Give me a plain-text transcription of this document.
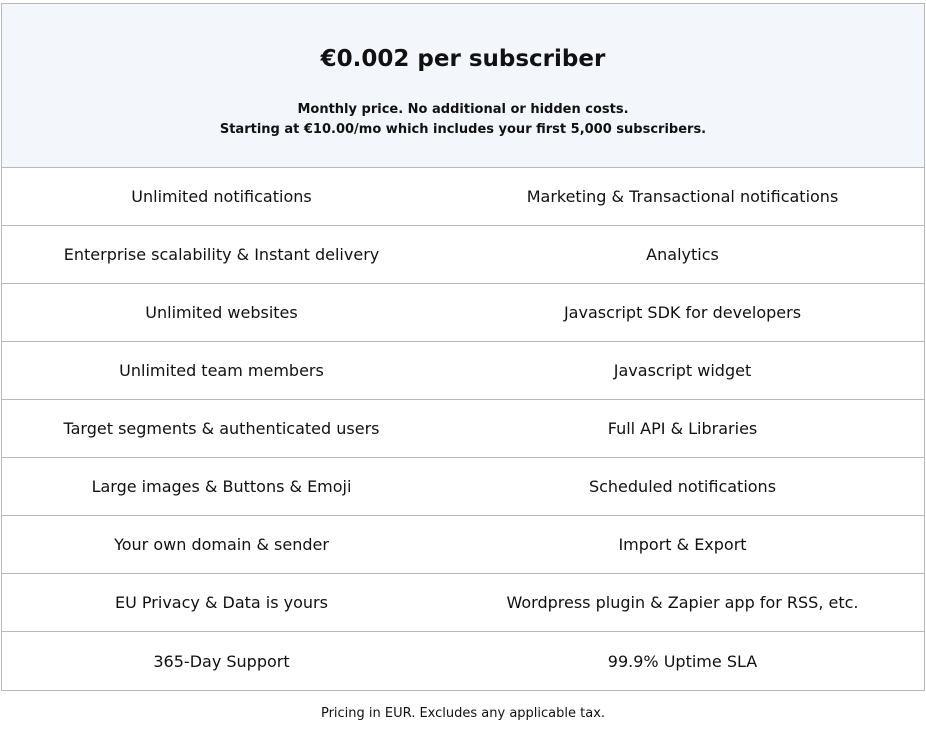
€0.002 per subscriber
Monthly price. No additional or hidden costs.
Starting at €10.00/mo which includes your first 5,000 subscribers.
Unlimited notifications	Marketing & Transactional notifications
Enterprise scalability & Instant delivery	Analytics
Unlimited websites	Javascript SDK for developers
Unlimited team members	Javascript widget
Target segments & authenticated users	Full API & Libraries
Large images & Buttons & Emoji	Scheduled notifications
Your own domain & sender	Import & Export
EU Privacy & Data is yours	Wordpress plugin & Zapier app for RSS, etc.
365-Day Support	99.9% Uptime SLA
Pricing in EUR. Excludes any applicable tax.
